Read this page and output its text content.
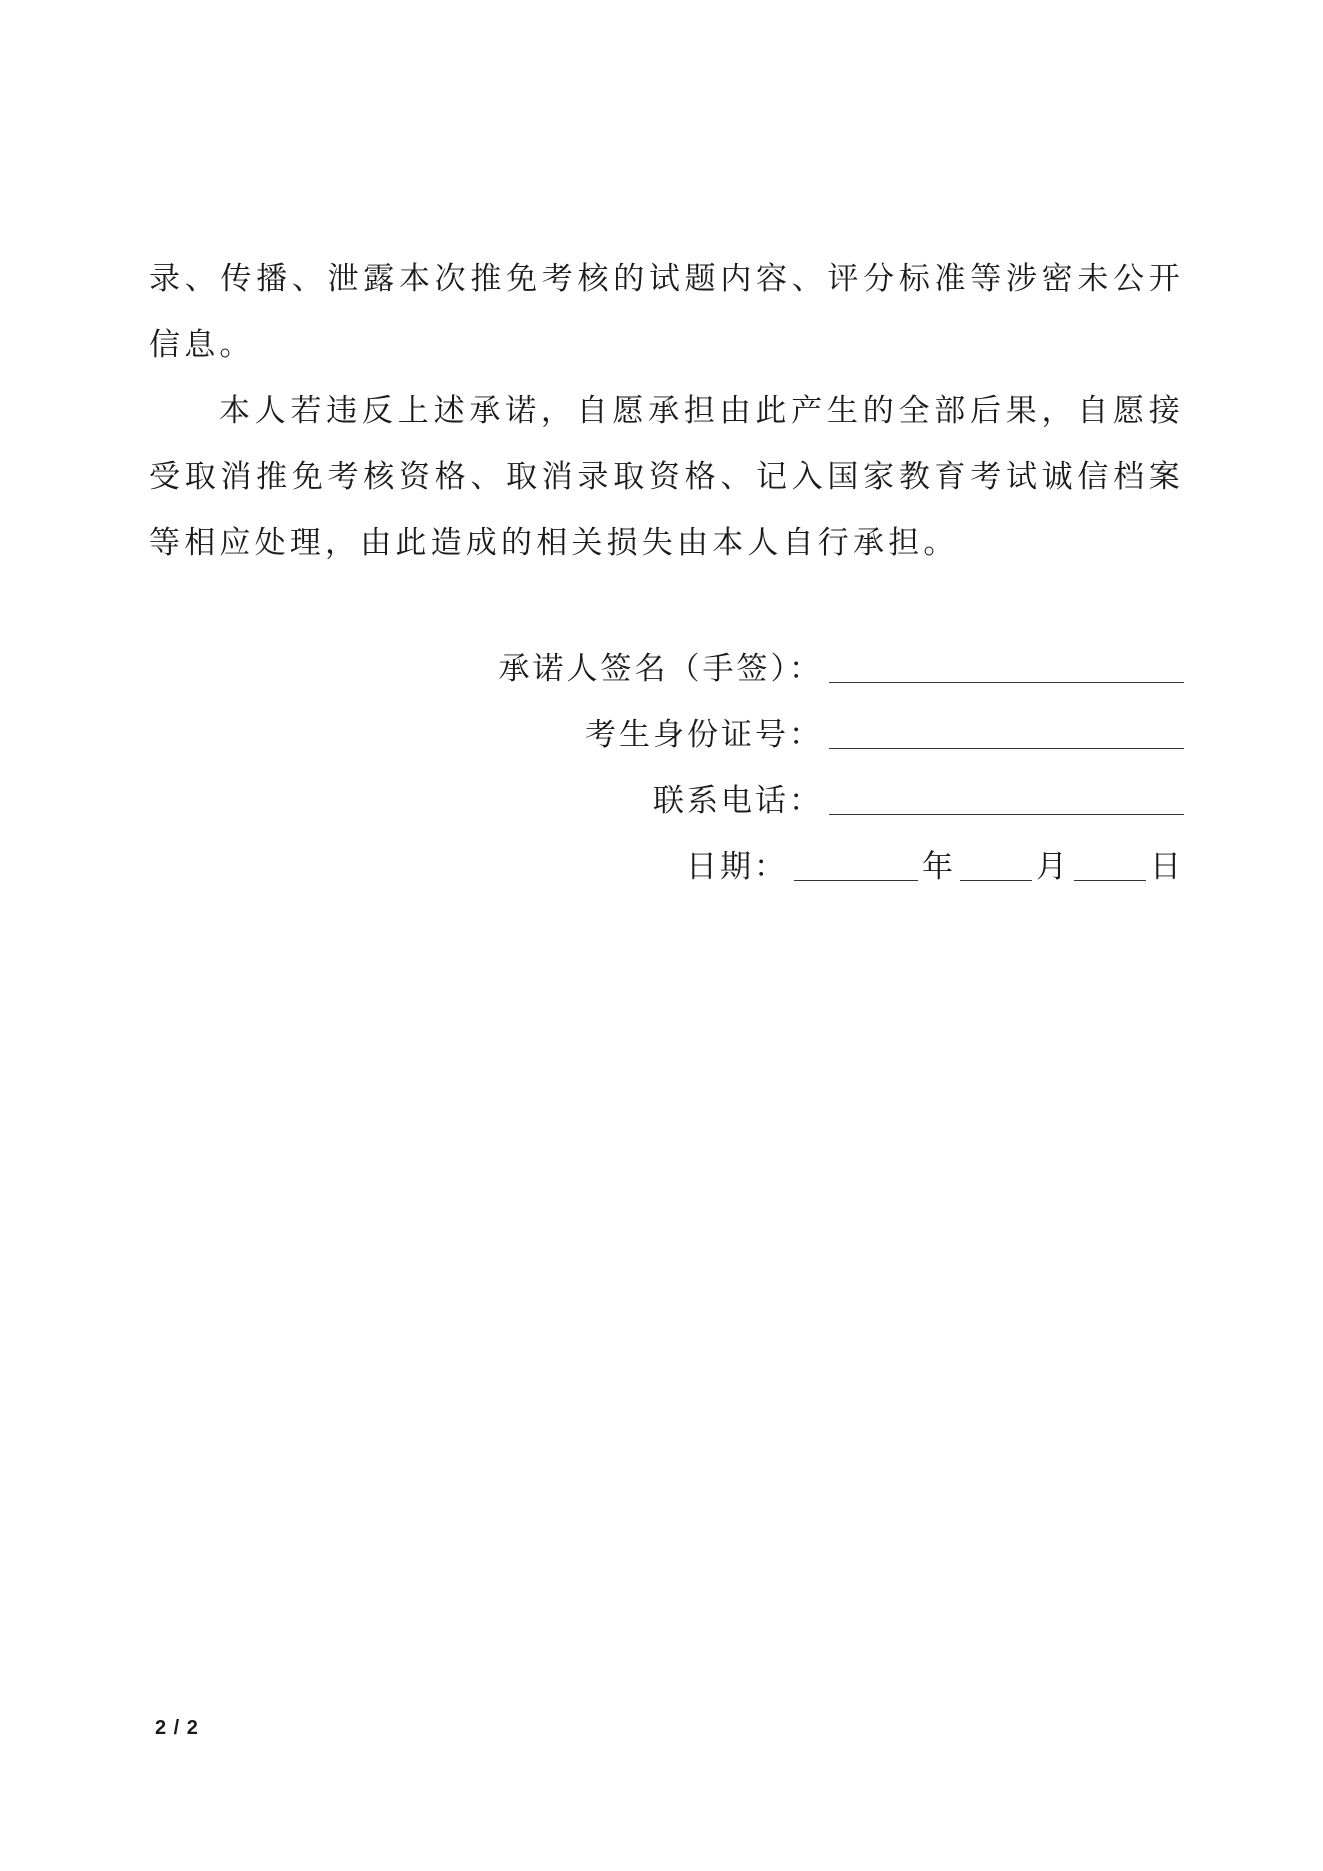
录、传播、泄露本次推免考核的试题内容、评分标准等涉密未公开信息。

本人若违反上述承诺，自愿承担由此产生的全部后果，自愿接受取消推免考核资格、取消录取资格、记入国家教育考试诚信档案等相应处理，由此造成的相关损失由本人自行承担。

承诺人签名（手签）：
考生身份证号：
联系电话：
日期：	年	月	日
2 / 2
